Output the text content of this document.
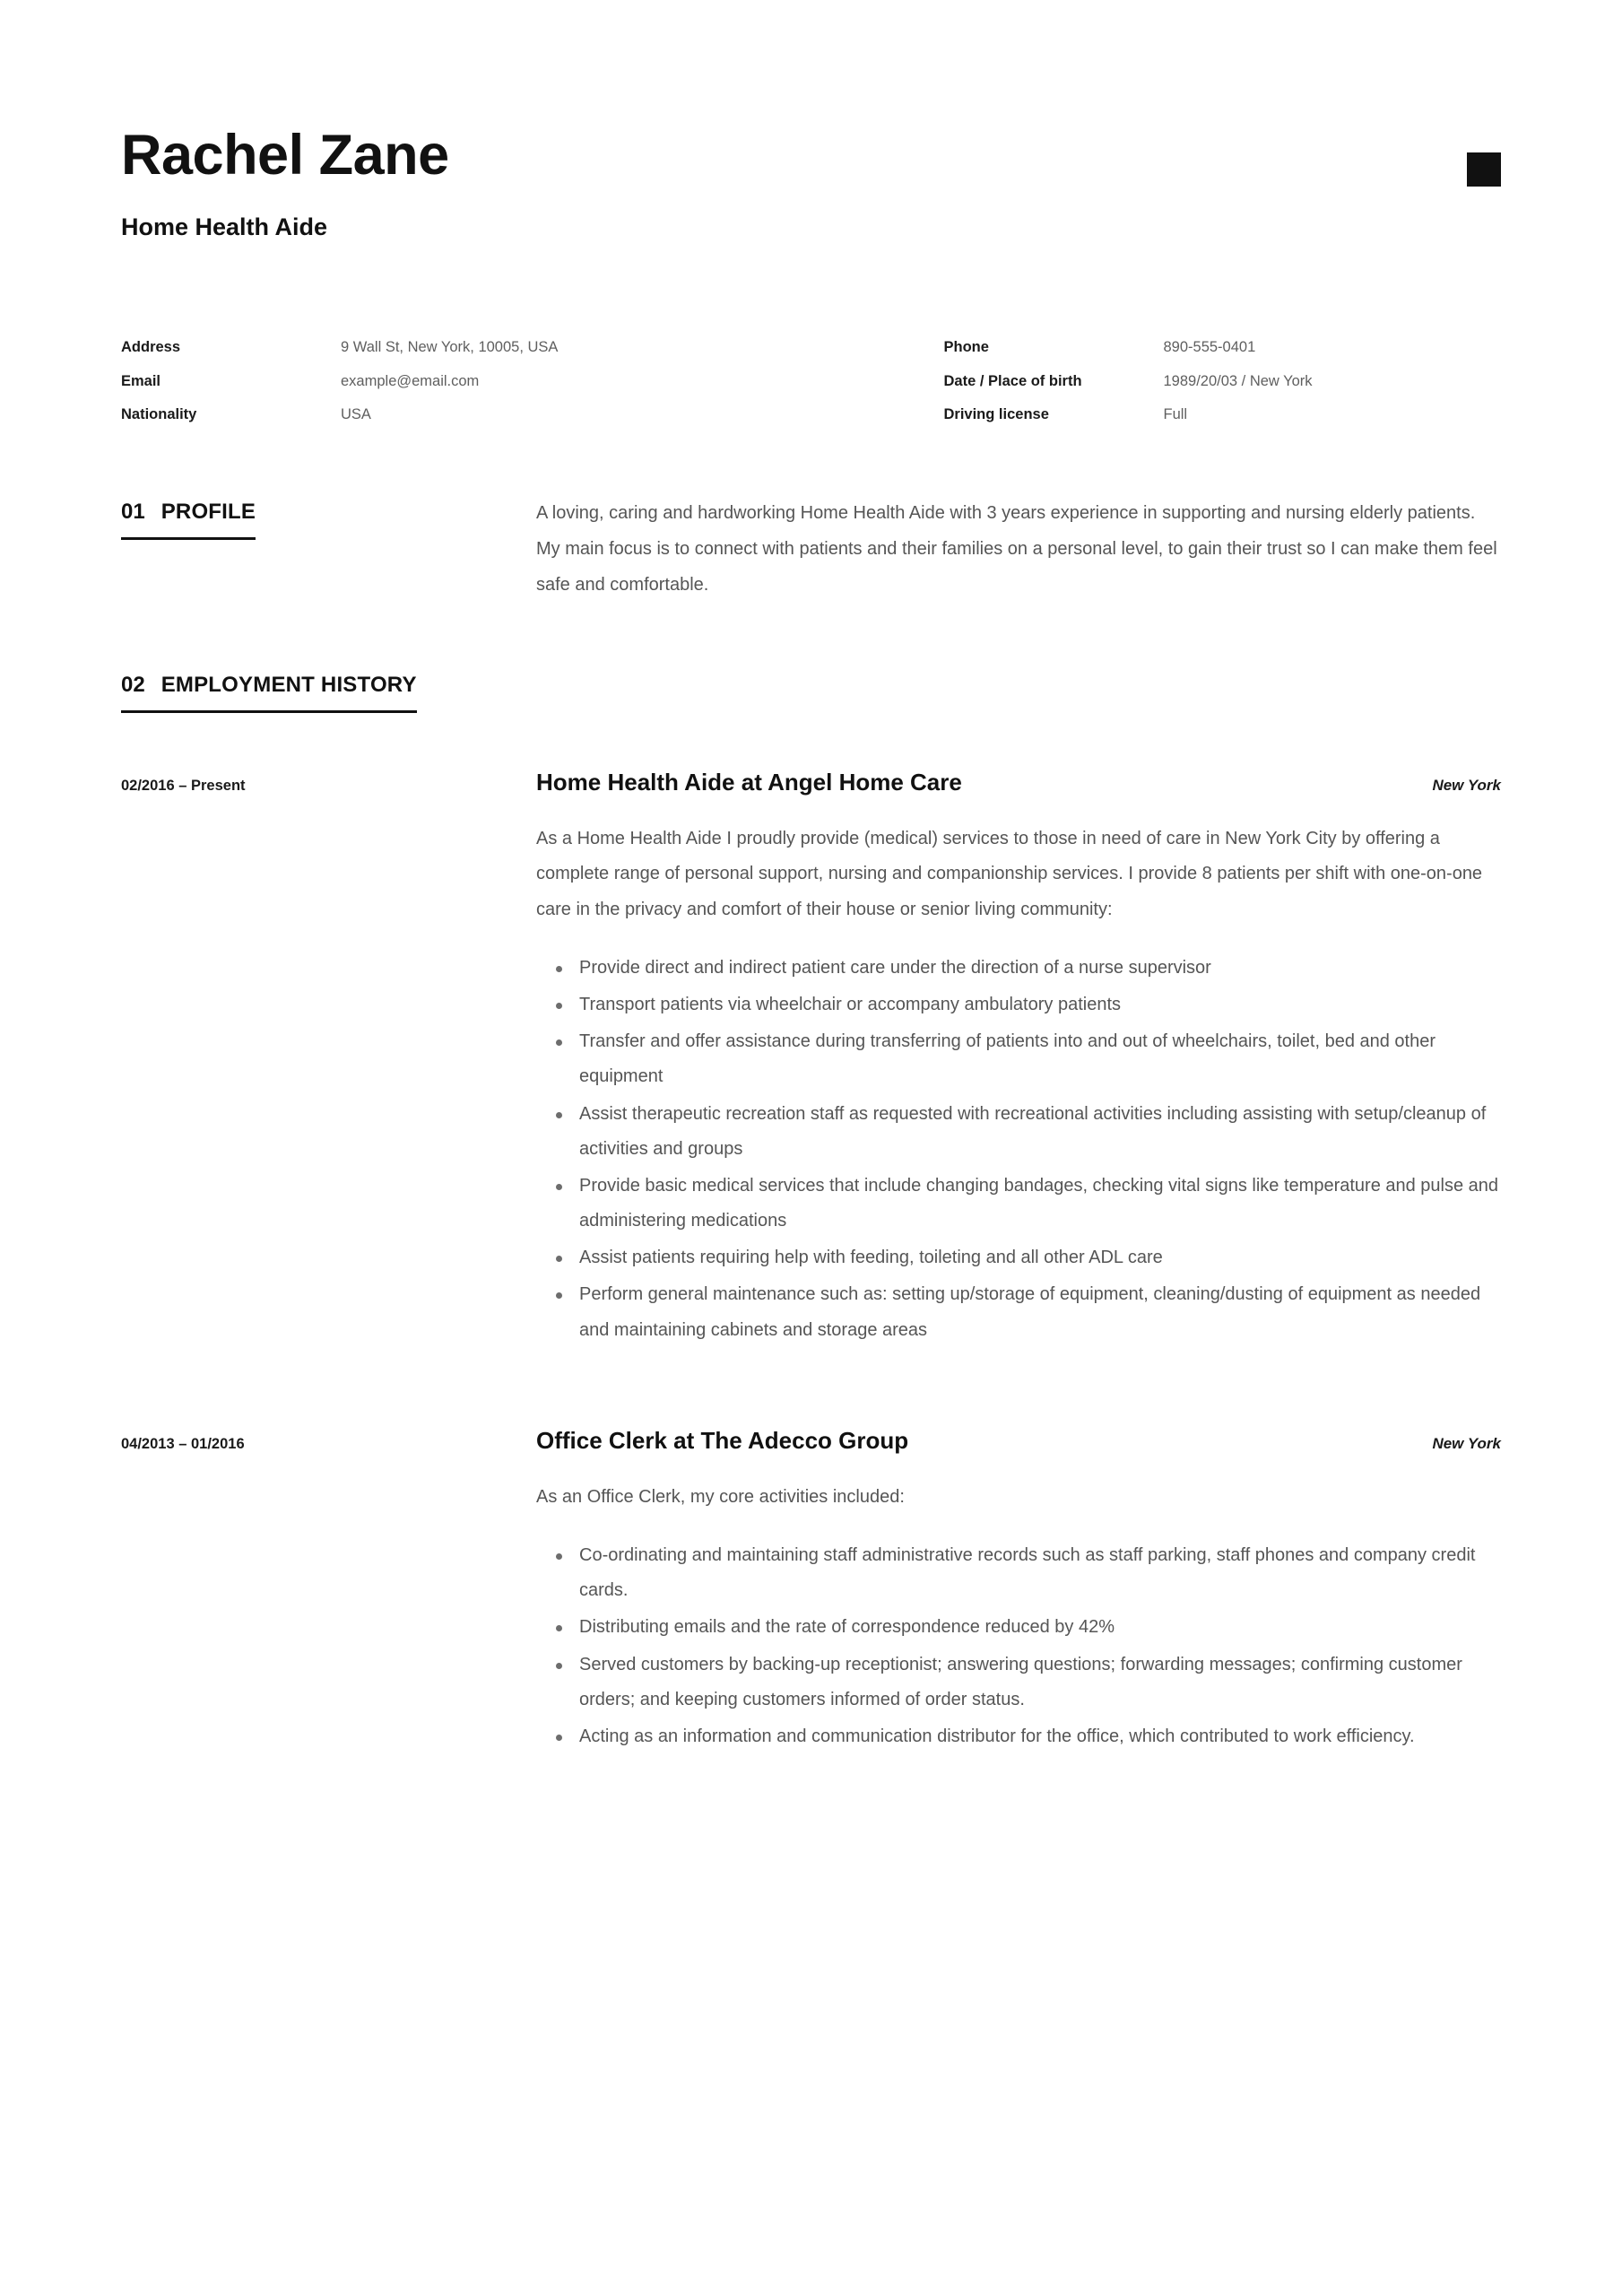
Rachel Zane
Home Health Aide
Address	9 Wall St, New York, 10005, USA
Email	example@email.com
Nationality	USA
Phone	890-555-0401
Date / Place of birth	1989/20/03 / New York
Driving license	Full
01 PROFILE	A loving, caring and hardworking Home Health Aide with 3 years experience in supporting and nursing elderly patients. My main focus is to connect with patients and their families on a personal level, to gain their trust so I can make them feel safe and comfortable.
02 EMPLOYMENT HISTORY
02/2016 – Present	Home Health Aide at Angel Home Care	New York
As a Home Health Aide I proudly provide (medical) services to those in need of care in New York City by offering a complete range of personal support, nursing and companionship services. I provide 8 patients per shift with one-on-one care in the privacy and comfort of their house or senior living community:
Provide direct and indirect patient care under the direction of a nurse supervisor
Transport patients via wheelchair or accompany ambulatory patients
Transfer and offer assistance during transferring of patients into and out of wheelchairs, toilet, bed and other equipment
Assist therapeutic recreation staff as requested with recreational activities including assisting with setup/cleanup of activities and groups
Provide basic medical services that include changing bandages, checking vital signs like temperature and pulse and administering medications
Assist patients requiring help with feeding, toileting and all other ADL care
Perform general maintenance such as: setting up/storage of equipment, cleaning/dusting of equipment as needed and maintaining cabinets and storage areas
04/2013 – 01/2016	Office Clerk at The Adecco Group	New York
As an Office Clerk, my core activities included:
Co-ordinating and maintaining staff administrative records such as staff parking, staff phones and company credit cards.
Distributing emails and the rate of correspondence reduced by 42%
Served customers by backing-up receptionist; answering questions; forwarding messages; confirming customer orders; and keeping customers informed of order status.
Acting as an information and communication distributor for the office, which contributed to work efficiency.
